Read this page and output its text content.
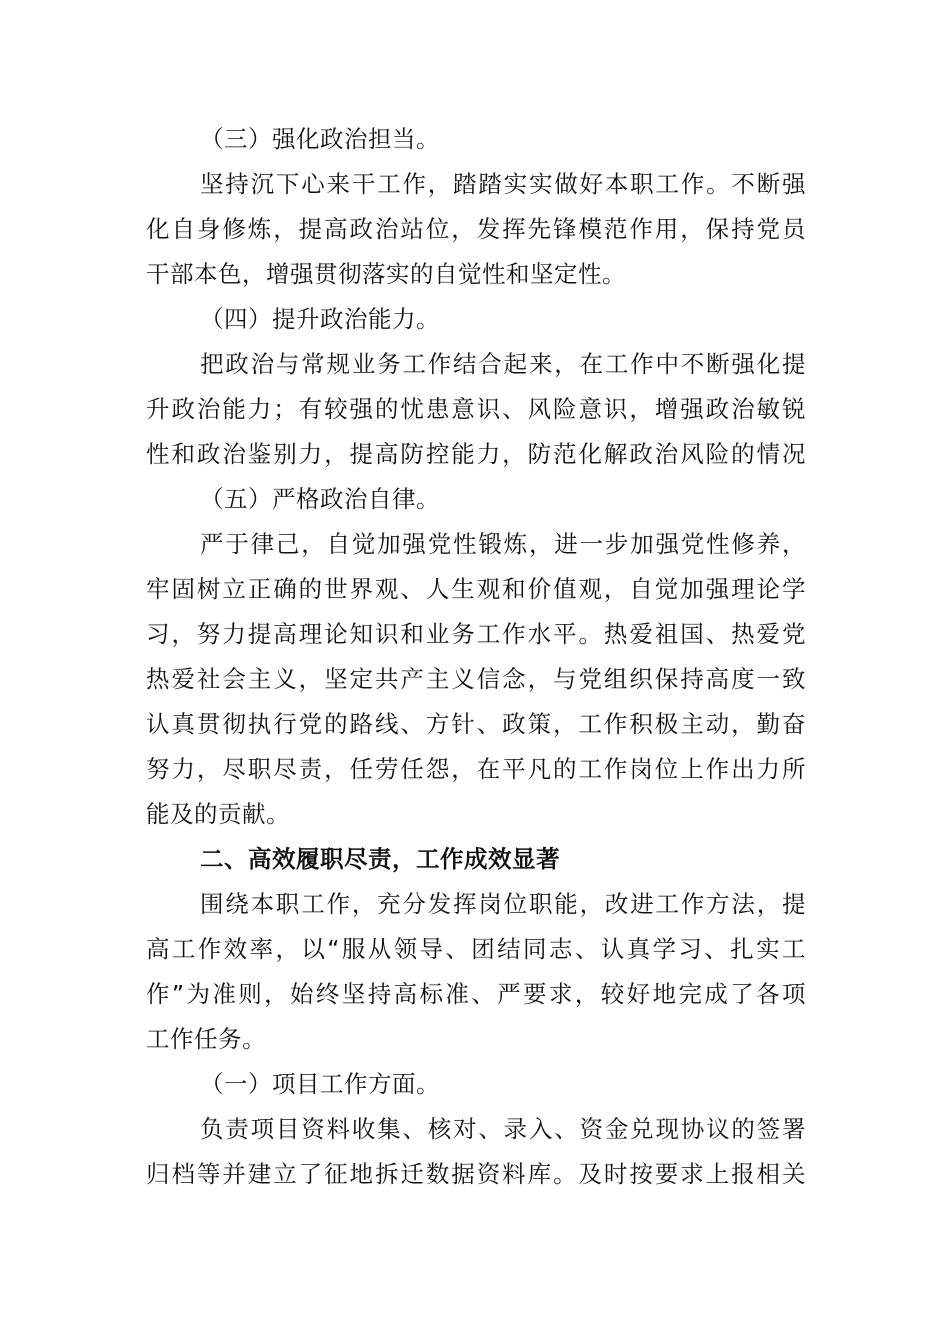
（三）强化政治担当。
坚持沉下心来干工作，踏踏实实做好本职工作。不断强
化自身修炼，提高政治站位，发挥先锋模范作用，保持党员
干部本色，增强贯彻落实的自觉性和坚定性。
（四）提升政治能力。
把政治与常规业务工作结合起来，在工作中不断强化提
升政治能力；有较强的忧患意识、风险意识，增强政治敏锐
性和政治鉴别力，提高防控能力，防范化解政治风险的情况
（五）严格政治自律。
严于律己，自觉加强党性锻炼，进一步加强党性修养，
牢固树立正确的世界观、人生观和价值观，自觉加强理论学
习，努力提高理论知识和业务工作水平。热爱祖国、热爱党
热爱社会主义，坚定共产主义信念，与党组织保持高度一致
认真贯彻执行党的路线、方针、政策，工作积极主动，勤奋
努力，尽职尽责，任劳任怨，在平凡的工作岗位上作出力所
能及的贡献。
二、高效履职尽责，工作成效显著
围绕本职工作，充分发挥岗位职能，改进工作方法，提
高工作效率，以“服从领导、团结同志、认真学习、扎实工
作”为准则，始终坚持高标准、严要求，较好地完成了各项
工作任务。
（一）项目工作方面。
负责项目资料收集、核对、录入、资金兑现协议的签署
归档等并建立了征地拆迁数据资料库。及时按要求上报相关
